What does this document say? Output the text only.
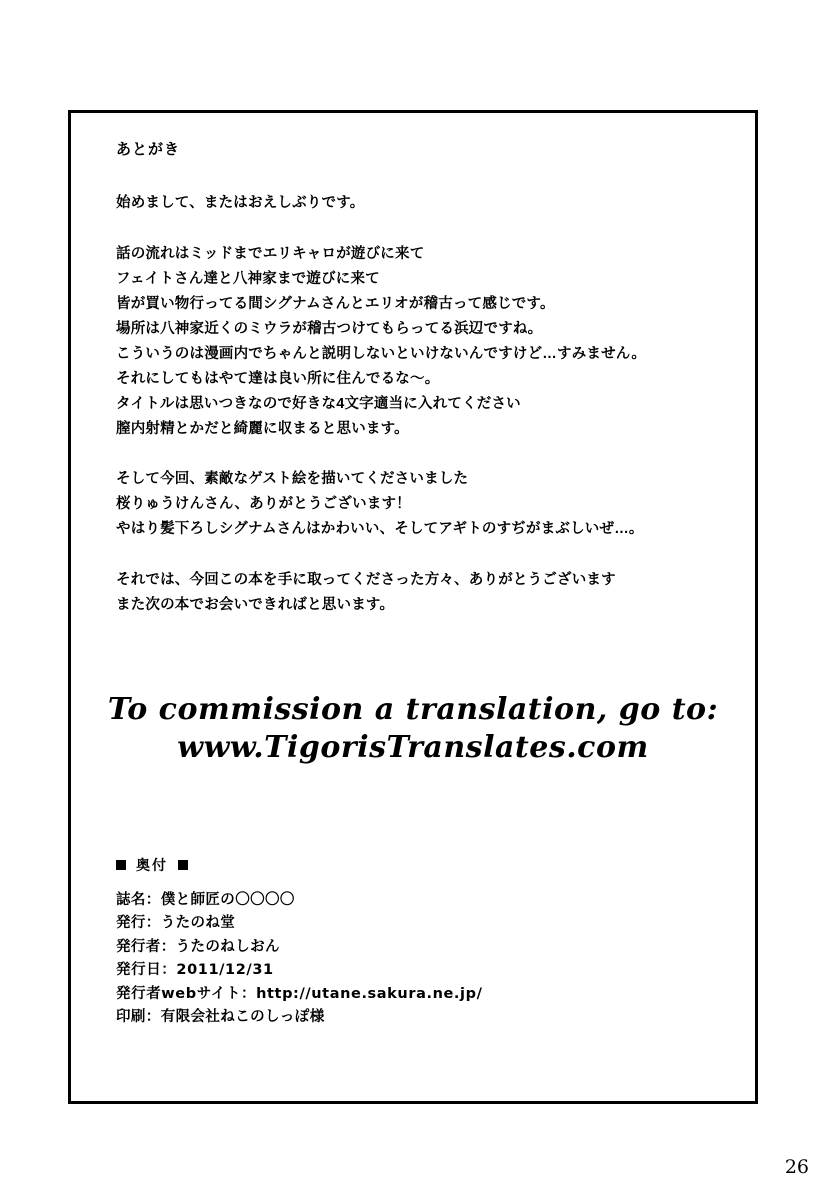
あとがき
始めまして、またはおえしぶりです。
話の流れはミッドまでエリキャロが遊びに来て
フェイトさん達と八神家まで遊びに来て
皆が買い物行ってる間シグナムさんとエリオが稽古って感じです。
場所は八神家近くのミウラが稽古つけてもらってる浜辺ですね。
こういうのは漫画内でちゃんと説明しないといけないんですけど…すみません。
それにしてもはやて達は良い所に住んでるな〜。
タイトルは思いつきなので好きな4文字適当に入れてください
膣内射精とかだと綺麗に収まると思います。
そして今回、素敵なゲスト絵を描いてくださいました
桜りゅうけんさん、ありがとうございます！
やはり髪下ろしシグナムさんはかわいい、そしてアギトのすぢがまぶしいぜ…。
それでは、今回この本を手に取ってくださった方々、ありがとうございます
また次の本でお会いできればと思います。
To commission a translation, go to:
www.TigorisTranslates.com
奥付
誌名：僕と師匠の〇〇〇〇
発行：うたのね堂
発行者：うたのねしおん
発行日：2011/12/31
発行者webサイト：http://utane.sakura.ne.jp/
印刷：有限会社ねこのしっぽ様
26
